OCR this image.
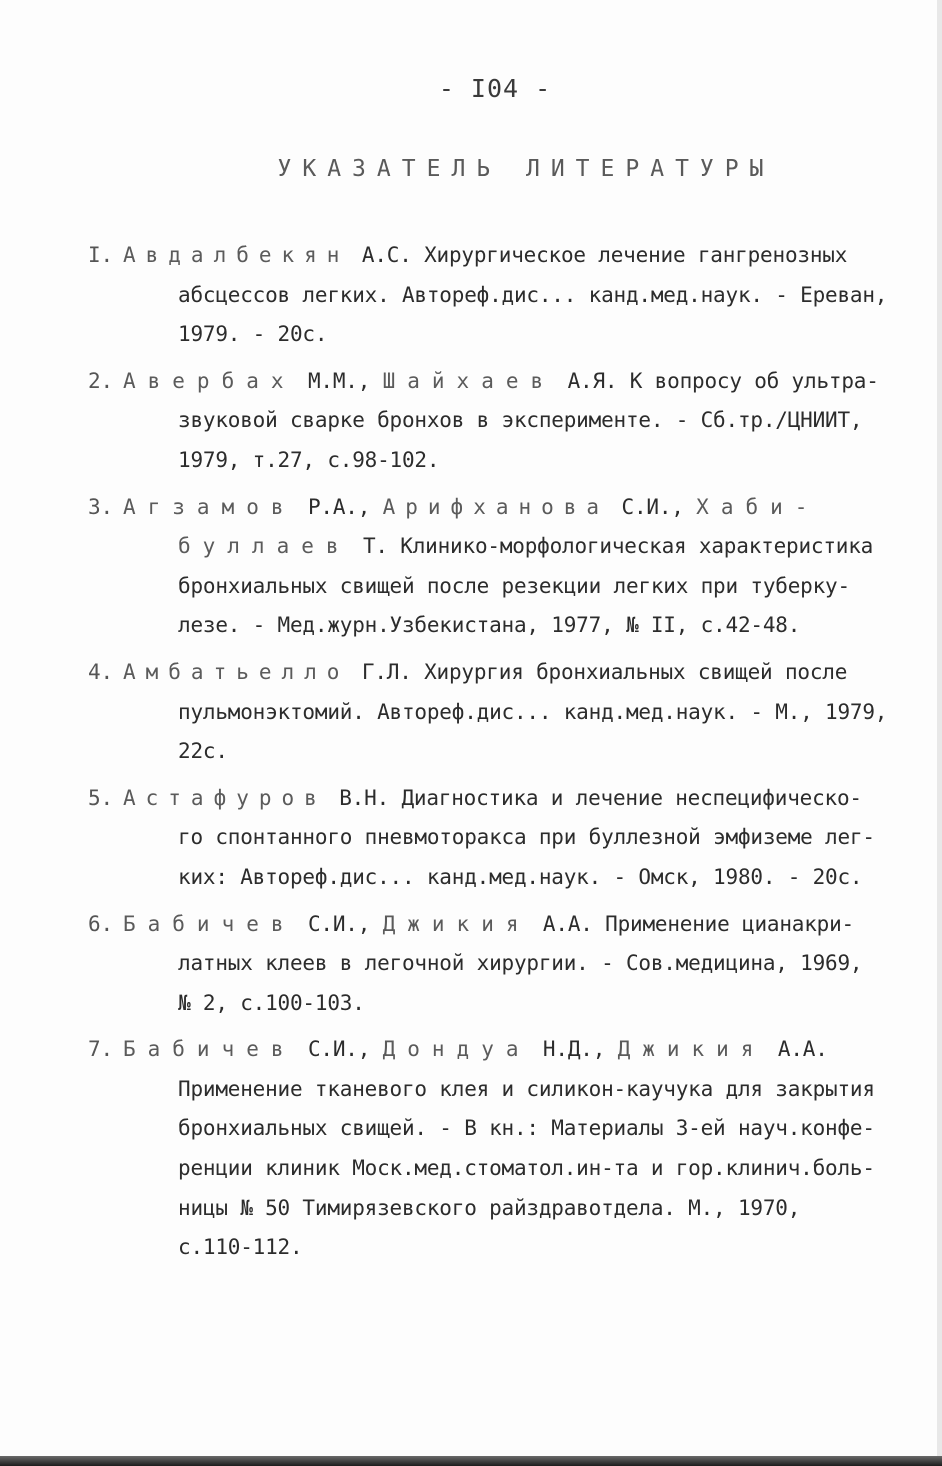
- I04 -
УКАЗАТЕЛЬ ЛИТЕРАТУРЫ
I. Авдалбекян А.С. Хирургическое лечение гангренозных
абсцессов легких. Автореф.дис... канд.мед.наук. - Ереван,
1979. - 20с.
2. Авербах М.М., Шайхаев А.Я. К вопросу об ультра-
звуковой сварке бронхов в эксперименте. - Сб.тр./ЦНИИТ,
1979, т.27, с.98-102.
3. Агзамов Р.А., Арифханова С.И., Хаби-
буллаев Т. Клинико-морфологическая характеристика
бронхиальных свищей после резекции легких при туберку-
лезе. - Мед.журн.Узбекистана, 1977, № II, с.42-48.
4. Амбатьелло Г.Л. Хирургия бронхиальных свищей после
пульмонэктомий. Автореф.дис... канд.мед.наук. - М., 1979,
22с.
5. Астафуров В.Н. Диагностика и лечение неспецифическо-
го спонтанного пневмоторакса при буллезной эмфиземе лег-
ких: Автореф.дис... канд.мед.наук. - Омск, 1980. - 20с.
6. Бабичев С.И., Джикия А.А. Применение цианакри-
латных клеев в легочной хирургии. - Сов.медицина, 1969,
№ 2, с.100-103.
7. Бабичев С.И., Дондуа Н.Д., Джикия А.А.
Применение тканевого клея и силикон-каучука для закрытия
бронхиальных свищей. - В кн.: Материалы 3-ей науч.конфе-
ренции клиник Моск.мед.стоматол.ин-та и гор.клинич.боль-
ницы № 50 Тимирязевского райздравотдела. М., 1970,
с.110-112.
